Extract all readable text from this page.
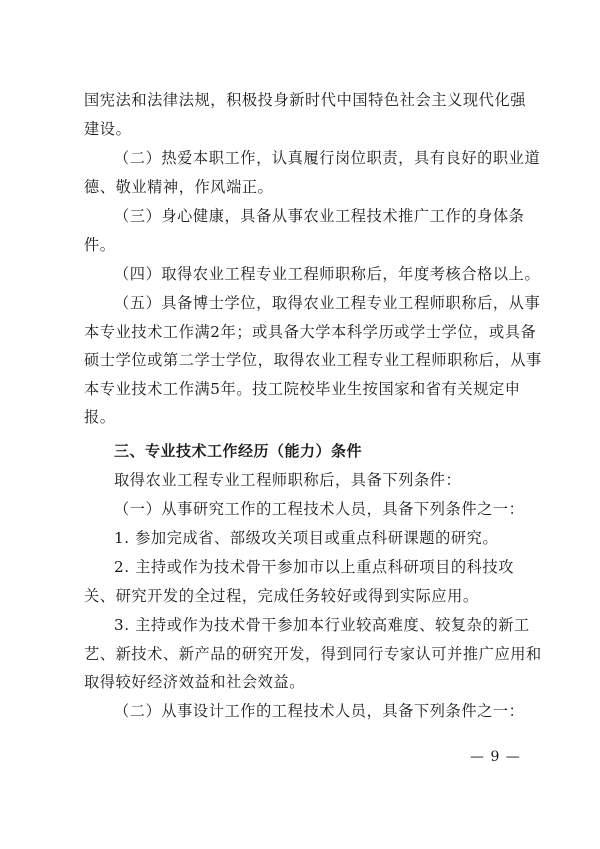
国宪法和法律法规，积极投身新时代中国特色社会主义现代化强
建设。

（二）热爱本职工作，认真履行岗位职责，具有良好的职业道
德、敬业精神，作风端正。

（三）身心健康，具备从事农业工程技术推广工作的身体条
件。

（四）取得农业工程专业工程师职称后，年度考核合格以上。

（五）具备博士学位，取得农业工程专业工程师职称后，从事
本专业技术工作满2年；或具备大学本科学历或学士学位，或具备
硕士学位或第二学士学位，取得农业工程专业工程师职称后，从事
本专业技术工作满5年。技工院校毕业生按国家和省有关规定申
报。

三、专业技术工作经历（能力）条件

取得农业工程专业工程师职称后，具备下列条件：

（一）从事研究工作的工程技术人员，具备下列条件之一：

1. 参加完成省、部级攻关项目或重点科研课题的研究。

2. 主持或作为技术骨干参加市以上重点科研项目的科技攻
关、研究开发的全过程，完成任务较好或得到实际应用。

3. 主持或作为技术骨干参加本行业较高难度、较复杂的新工
艺、新技术、新产品的研究开发，得到同行专家认可并推广应用和
取得较好经济效益和社会效益。

（二）从事设计工作的工程技术人员，具备下列条件之一：

— 9 —
